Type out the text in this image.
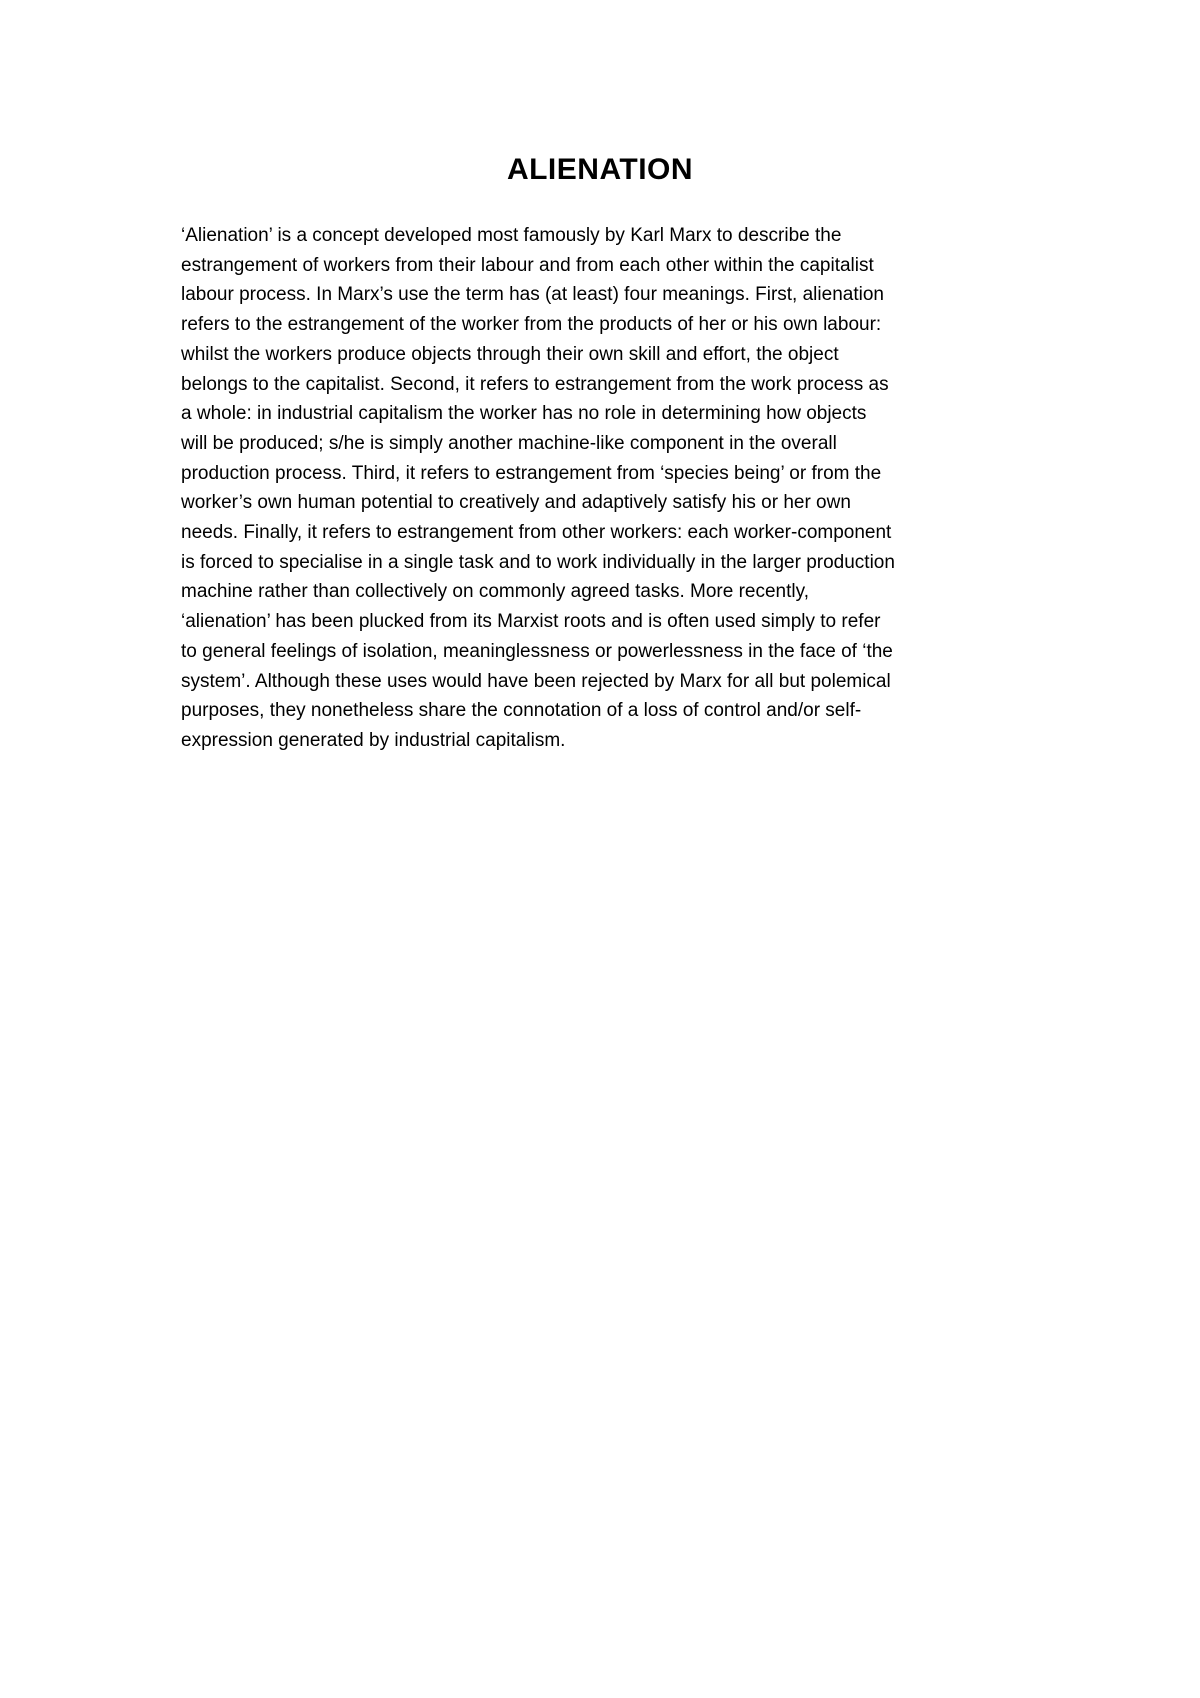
ALIENATION

‘Alienation’ is a concept developed most famously by Karl Marx to describe the
estrangement of workers from their labour and from each other within the capitalist
labour process. In Marx’s use the term has (at least) four meanings. First, alienation
refers to the estrangement of the worker from the products of her or his own labour:
whilst the workers produce objects through their own skill and effort, the object
belongs to the capitalist. Second, it refers to estrangement from the work process as
a whole: in industrial capitalism the worker has no role in determining how objects
will be produced; s/he is simply another machine-like component in the overall
production process. Third, it refers to estrangement from ‘species being’ or from the
worker’s own human potential to creatively and adaptively satisfy his or her own
needs. Finally, it refers to estrangement from other workers: each worker-component
is forced to specialise in a single task and to work individually in the larger production
machine rather than collectively on commonly agreed tasks. More recently,
‘alienation’ has been plucked from its Marxist roots and is often used simply to refer
to general feelings of isolation, meaninglessness or powerlessness in the face of ‘the
system’. Although these uses would have been rejected by Marx for all but polemical
purposes, they nonetheless share the connotation of a loss of control and/or self-
expression generated by industrial capitalism.
